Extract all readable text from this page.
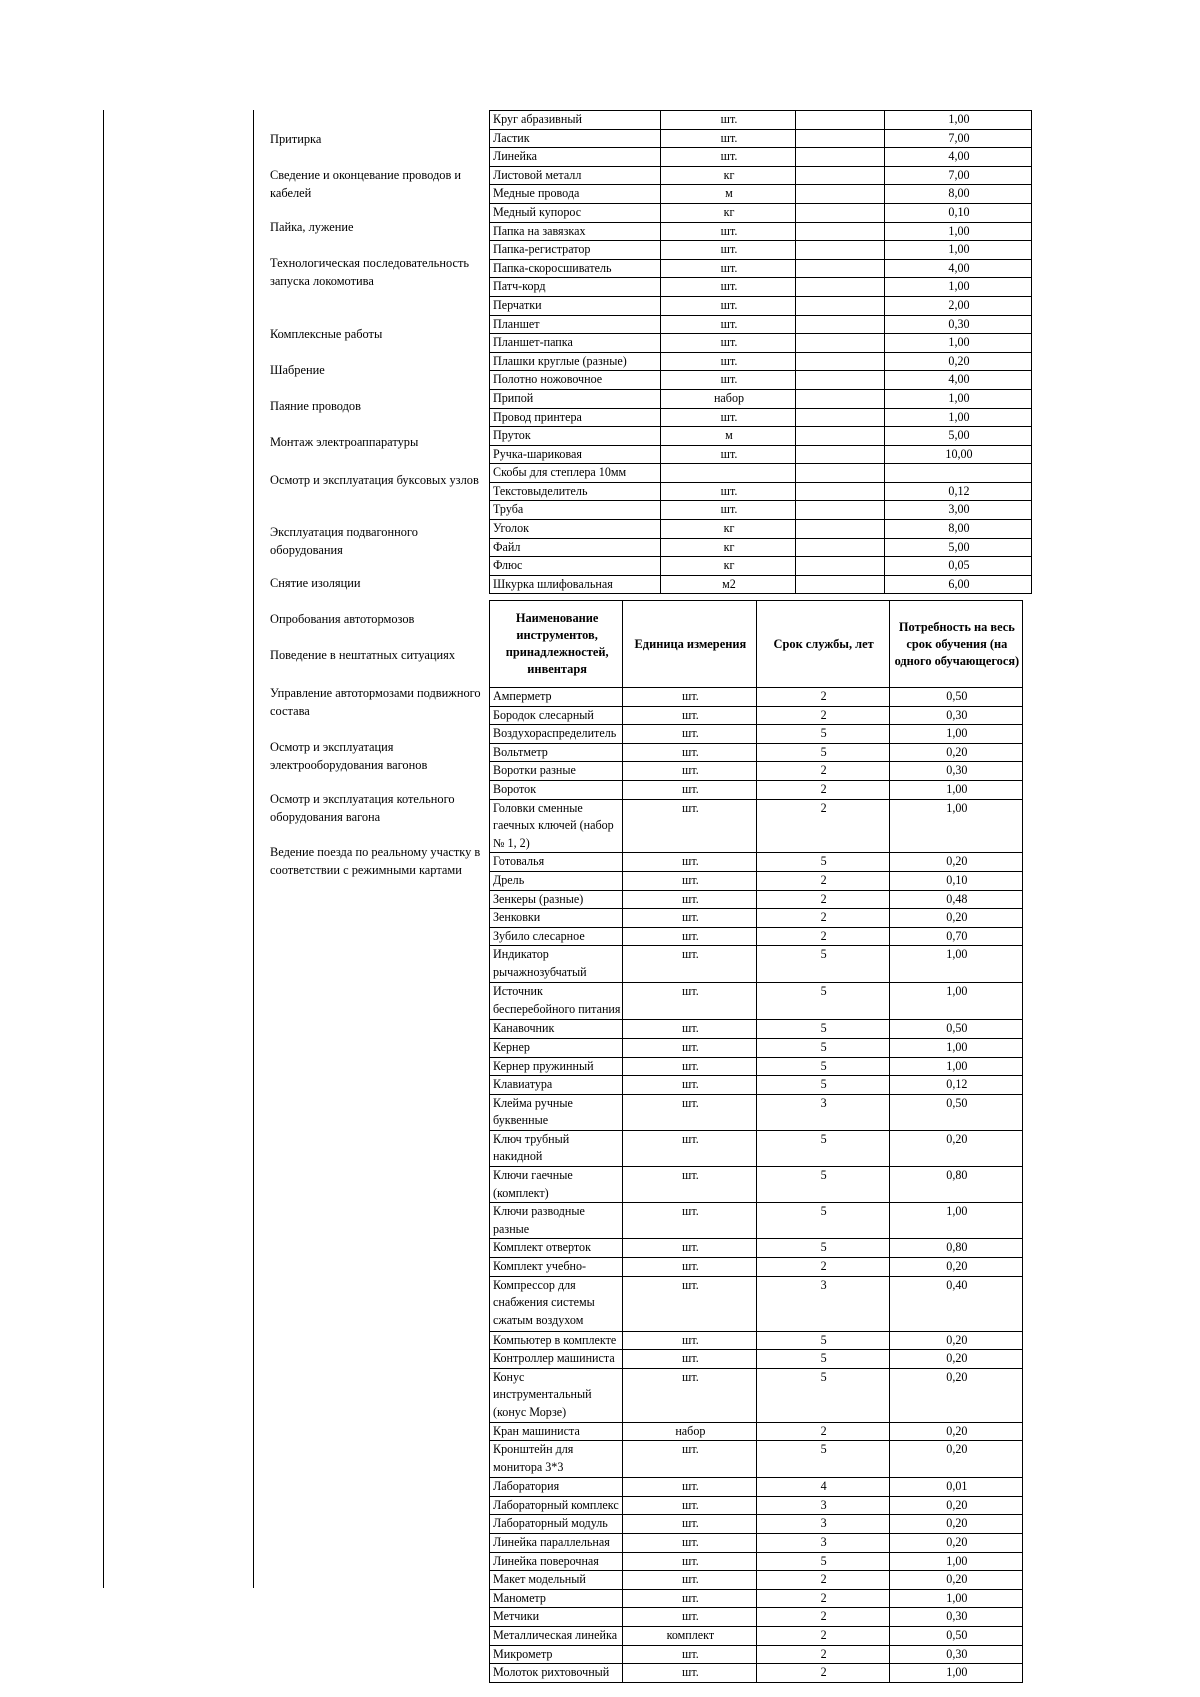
Притирка
Сведение и оконцевание проводов и кабелей
Пайка, лужение
Технологическая последовательность запуска локомотива
Комплексные работы
Шабрение
Паяние проводов
Монтаж электроаппаратуры
Осмотр и эксплуатация буксовых узлов
Эксплуатация подвагонного оборудования
Снятие изоляции
Опробования автотормозов
Поведение в нештатных ситуациях
Управление автотормозами подвижного состава
Осмотр и эксплуатация электрооборудования вагонов
Осмотр и эксплуатация котельного оборудования вагона
Ведение поезда по реальному участку в соответствии с режимными картами
Круг абразивный	шт.		1,00
Ластик	шт.		7,00
Линейка	шт.		4,00
Листовой металл	кг		7,00
Медные провода	м		8,00
Медный купорос	кг		0,10
Папка на завязках	шт.		1,00
Папка-регистратор	шт.		1,00
Папка-скоросшиватель	шт.		4,00
Патч-корд	шт.		1,00
Перчатки	шт.		2,00
Планшет	шт.		0,30
Планшет-папка	шт.		1,00
Плашки круглые (разные)	шт.		0,20
Полотно ножовочное	шт.		4,00
Припой	набор		1,00
Провод принтера	шт.		1,00
Пруток	м		5,00
Ручка-шариковая	шт.		10,00
Скобы для степлера 10мм			
Текстовыделитель	шт.		0,12
Труба	шт.		3,00
Уголок	кг		8,00
Файл	кг		5,00
Флюс	кг		0,05
Шкурка шлифовальная	м2		6,00
Наименование инструментов, принадлежностей, инвентаря	Единица измерения	Срок службы, лет	Потребность на весь срок обучения (на одного обучающегося)
Амперметр	шт.	2	0,50
Бородок слесарный	шт.	2	0,30
Воздухораспределитель	шт.	5	1,00
Вольтметр	шт.	5	0,20
Воротки разные	шт.	2	0,30
Вороток	шт.	2	1,00
Головки сменные гаечных ключей (набор № 1, 2)	шт.	2	1,00
Готовалья	шт.	5	0,20
Дрель	шт.	2	0,10
Зенкеры (разные)	шт.	2	0,48
Зенковки	шт.	2	0,20
Зубило слесарное	шт.	2	0,70
Индикатор рычажнозубчатый	шт.	5	1,00
Источник бесперебойного питания	шт.	5	1,00
Канавочник	шт.	5	0,50
Кернер	шт.	5	1,00
Кернер пружинный	шт.	5	1,00
Клавиатура	шт.	5	0,12
Клейма ручные буквенные	шт.	3	0,50
Ключ трубный накидной	шт.	5	0,20
Ключи гаечные (комплект)	шт.	5	0,80
Ключи разводные разные	шт.	5	1,00
Комплект отверток	шт.	5	0,80
Комплект учебно-	шт.	2	0,20
Компрессор для снабжения системы сжатым воздухом	шт.	3	0,40
Компьютер в комплекте	шт.	5	0,20
Контроллер машиниста	шт.	5	0,20
Конус инструментальный (конус Морзе)	шт.	5	0,20
Кран машиниста	набор	2	0,20
Кронштейн для монитора 3*3	шт.	5	0,20
Лаборатория	шт.	4	0,01
Лабораторный комплекс	шт.	3	0,20
Лабораторный модуль	шт.	3	0,20
Линейка параллельная	шт.	3	0,20
Линейка поверочная	шт.	5	1,00
Макет модельный	шт.	2	0,20
Манометр	шт.	2	1,00
Метчики	шт.	2	0,30
Металлическая линейка	комплект	2	0,50
Микрометр	шт.	2	0,30
Молоток рихтовочный	шт.	2	1,00
